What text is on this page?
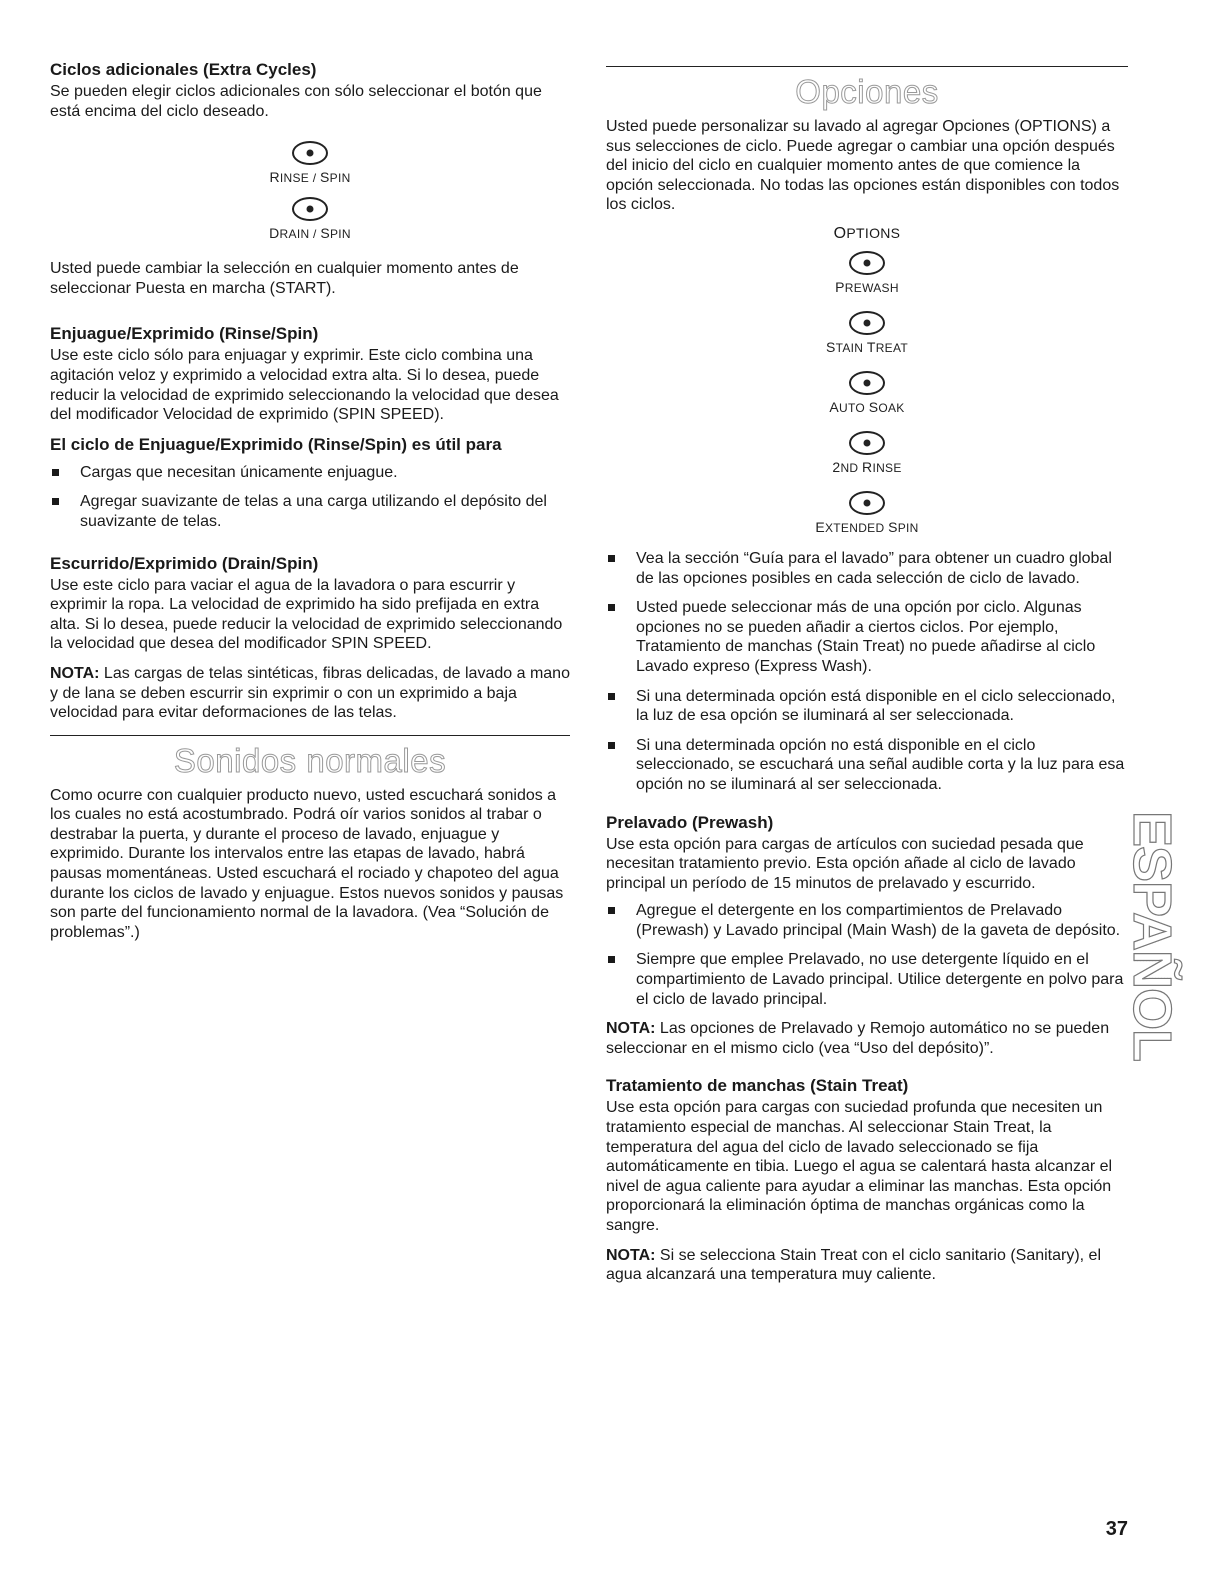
Ciclos adicionales (Extra Cycles)

Se pueden elegir ciclos adicionales con sólo seleccionar el botón que está encima del ciclo deseado.

RINSE / SPIN
DRAIN / SPIN

Usted puede cambiar la selección en cualquier momento antes de seleccionar Puesta en marcha (START).

Enjuague/Exprimido (Rinse/Spin)

Use este ciclo sólo para enjuagar y exprimir. Este ciclo combina una agitación veloz y exprimido a velocidad extra alta. Si lo desea, puede reducir la velocidad de exprimido seleccionando la velocidad que desea del modificador Velocidad de exprimido (SPIN SPEED).

El ciclo de Enjuague/Exprimido (Rinse/Spin) es útil para
Cargas que necesitan únicamente enjuague.
Agregar suavizante de telas a una carga utilizando el depósito del suavizante de telas.
Escurrido/Exprimido (Drain/Spin)

Use este ciclo para vaciar el agua de la lavadora o para escurrir y exprimir la ropa. La velocidad de exprimido ha sido prefijada en extra alta. Si lo desea, puede reducir la velocidad de exprimido seleccionando la velocidad que desea del modificador SPIN SPEED.

NOTA: Las cargas de telas sintéticas, fibras delicadas, de lavado a mano y de lana se deben escurrir sin exprimir o con un exprimido a baja velocidad para evitar deformaciones de las telas.

Sonidos normales

Como ocurre con cualquier producto nuevo, usted escuchará sonidos a los cuales no está acostumbrado. Podrá oír varios sonidos al trabar o destrabar la puerta, y durante el proceso de lavado, enjuague y exprimido. Durante los intervalos entre las etapas de lavado, habrá pausas momentáneas. Usted escuchará el rociado y chapoteo del agua durante los ciclos de lavado y enjuague. Estos nuevos sonidos y pausas son parte del funcionamiento normal de la lavadora. (Vea “Solución de problemas”.)

Opciones

Usted puede personalizar su lavado al agregar Opciones (OPTIONS) a sus selecciones de ciclo. Puede agregar o cambiar una opción después del inicio del ciclo en cualquier momento antes de que comience la opción seleccionada. No todas las opciones están disponibles con todos los ciclos.

OPTIONS
PREWASH
STAIN TREAT
AUTO SOAK
2ND RINSE
EXTENDED SPIN
Vea la sección “Guía para el lavado” para obtener un cuadro global de las opciones posibles en cada selección de ciclo de lavado.
Usted puede seleccionar más de una opción por ciclo. Algunas opciones no se pueden añadir a ciertos ciclos. Por ejemplo, Tratamiento de manchas (Stain Treat) no puede añadirse al ciclo Lavado expreso (Express Wash).
Si una determinada opción está disponible en el ciclo seleccionado, la luz de esa opción se iluminará al ser seleccionada.
Si una determinada opción no está disponible en el ciclo seleccionado, se escuchará una señal audible corta y la luz para esa opción no se iluminará al ser seleccionada.
Prelavado (Prewash)

Use esta opción para cargas de artículos con suciedad pesada que necesitan tratamiento previo. Esta opción añade al ciclo de lavado principal un período de 15 minutos de prelavado y escurrido.

Agregue el detergente en los compartimientos de Prelavado (Prewash) y Lavado principal (Main Wash) de la gaveta de depósito.
Siempre que emplee Prelavado, no use detergente líquido en el compartimiento de Lavado principal. Utilice detergente en polvo para el ciclo de lavado principal.

NOTA: Las opciones de Prelavado y Remojo automático no se pueden seleccionar en el mismo ciclo (vea “Uso del depósito)”.

Tratamiento de manchas (Stain Treat)

Use esta opción para cargas con suciedad profunda que necesiten un tratamiento especial de manchas. Al seleccionar Stain Treat, la temperatura del agua del ciclo de lavado seleccionado se fija automáticamente en tibia. Luego el agua se calentará hasta alcanzar el nivel de agua caliente para ayudar a eliminar las manchas. Esta opción proporcionará la eliminación óptima de manchas orgánicas como la sangre.

NOTA: Si se selecciona Stain Treat con el ciclo sanitario (Sanitary), el agua alcanzará una temperatura muy caliente.

ESPAÑOL
37
